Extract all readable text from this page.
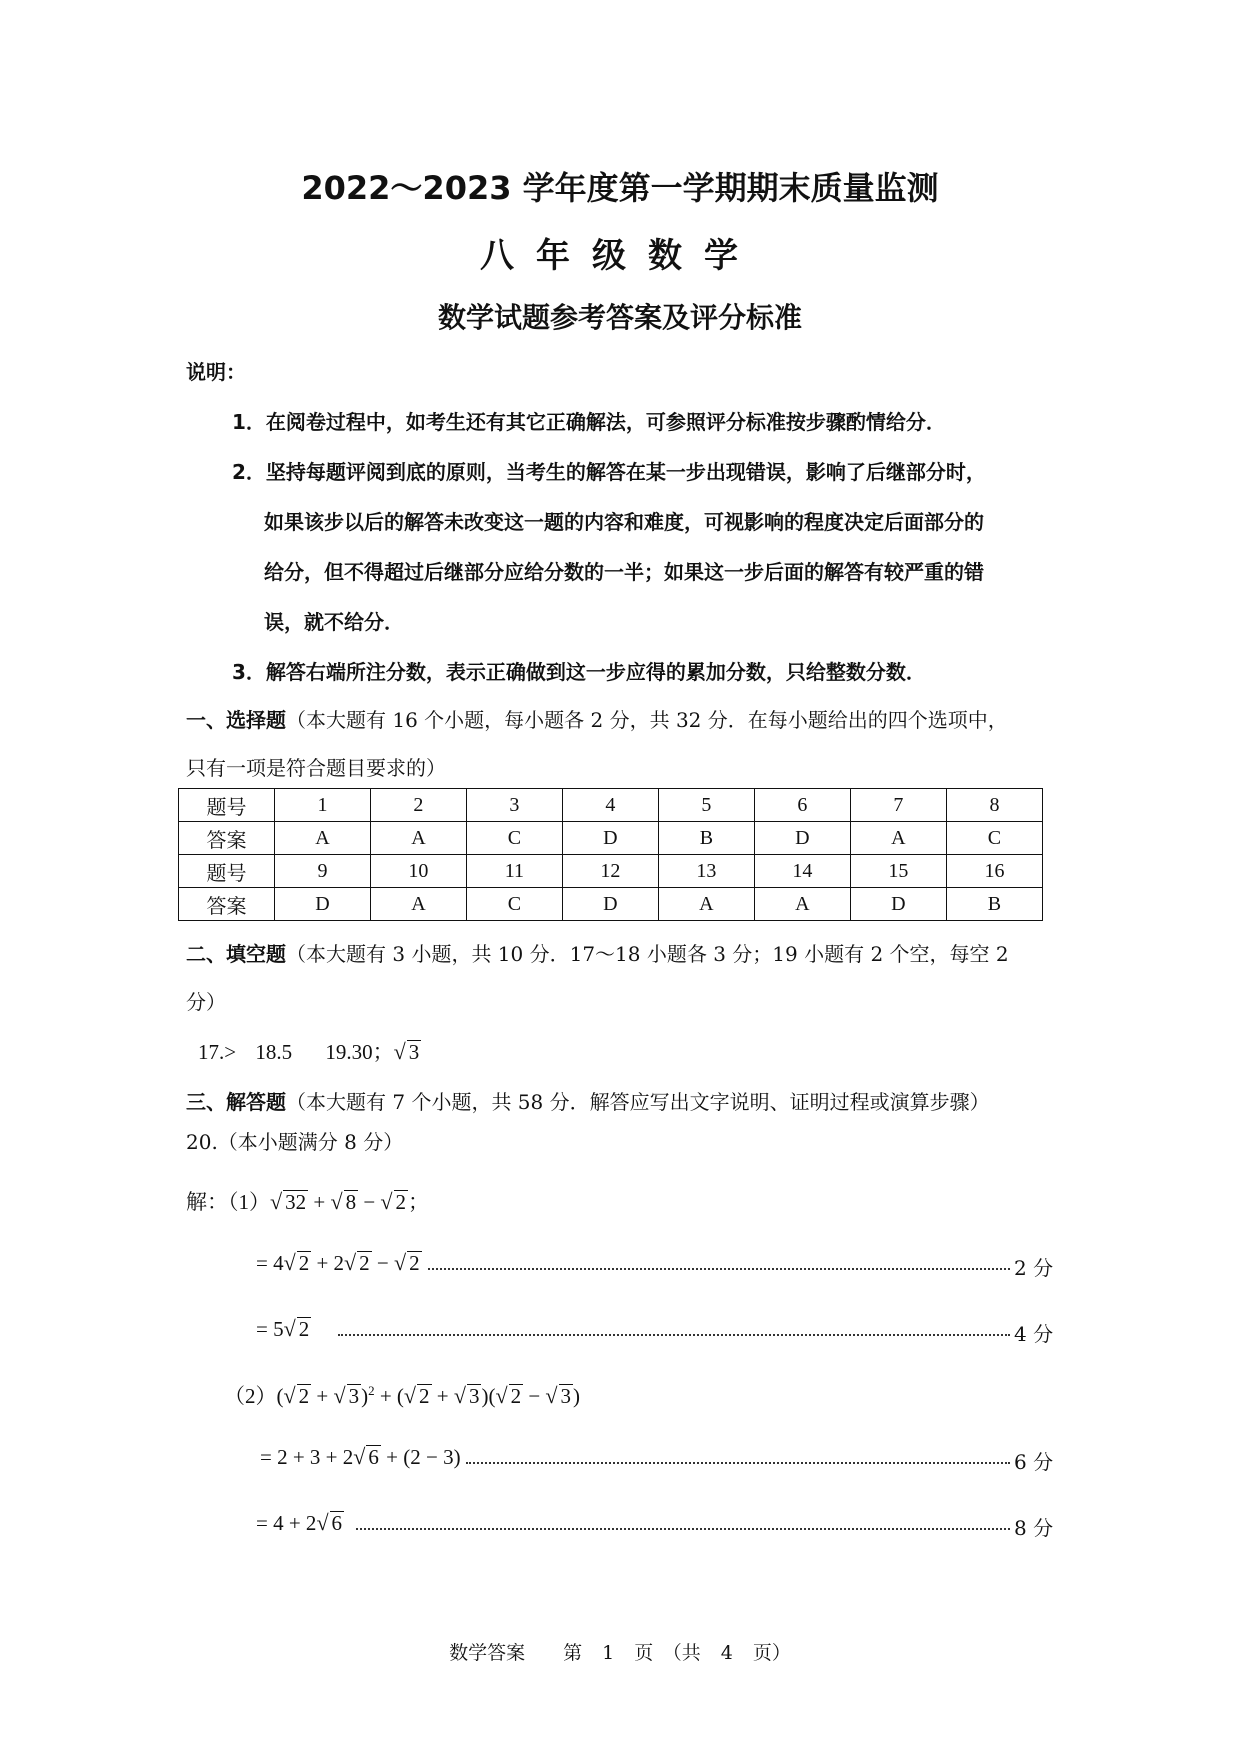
2022～2023 学年度第一学期期末质量监测
八年级数学
数学试题参考答案及评分标准
说明：
1．在阅卷过程中，如考生还有其它正确解法，可参照评分标准按步骤酌情给分．
2．坚持每题评阅到底的原则，当考生的解答在某一步出现错误，影响了后继部分时，
如果该步以后的解答未改变这一题的内容和难度，可视影响的程度决定后面部分的
给分，但不得超过后继部分应给分数的一半；如果这一步后面的解答有较严重的错
误，就不给分．
3．解答右端所注分数，表示正确做到这一步应得的累加分数，只给整数分数．
一、选择题（本大题有 16 个小题，每小题各 2 分，共 32 分．在每小题给出的四个选项中，
只有一项是符合题目要求的）
题号	1	2	3	4	5	6	7	8
答案	A	A	C	D	B	D	A	C
题号	9	10	11	12	13	14	15	16
答案	D	A	C	D	A	A	D	B
二、填空题（本大题有 3 小题，共 10 分．17～18 小题各 3 分；19 小题有 2 个空，每空 2
分）
17.> 18.5 19.30；√ 3
三、解答题（本大题有 7 个小题，共 58 分．解答应写出文字说明、证明过程或演算步骤）
20.（本小题满分 8 分）
解：（1）√ 32 + √ 8 − √ 2；
= 4√ 2 + 2√ 2 − √ 2	2 分
= 5√ 2	4 分
（2）(√ 2 + √ 3)$^2$ + (√ 2 + √ 3)(√ 2 − √ 3)
= 2 + 3 + 2√ 6 + (2 − 3)	6 分
= 4 + 2√ 6	8 分
数学答案　　第 1 页　（共 4 页）
